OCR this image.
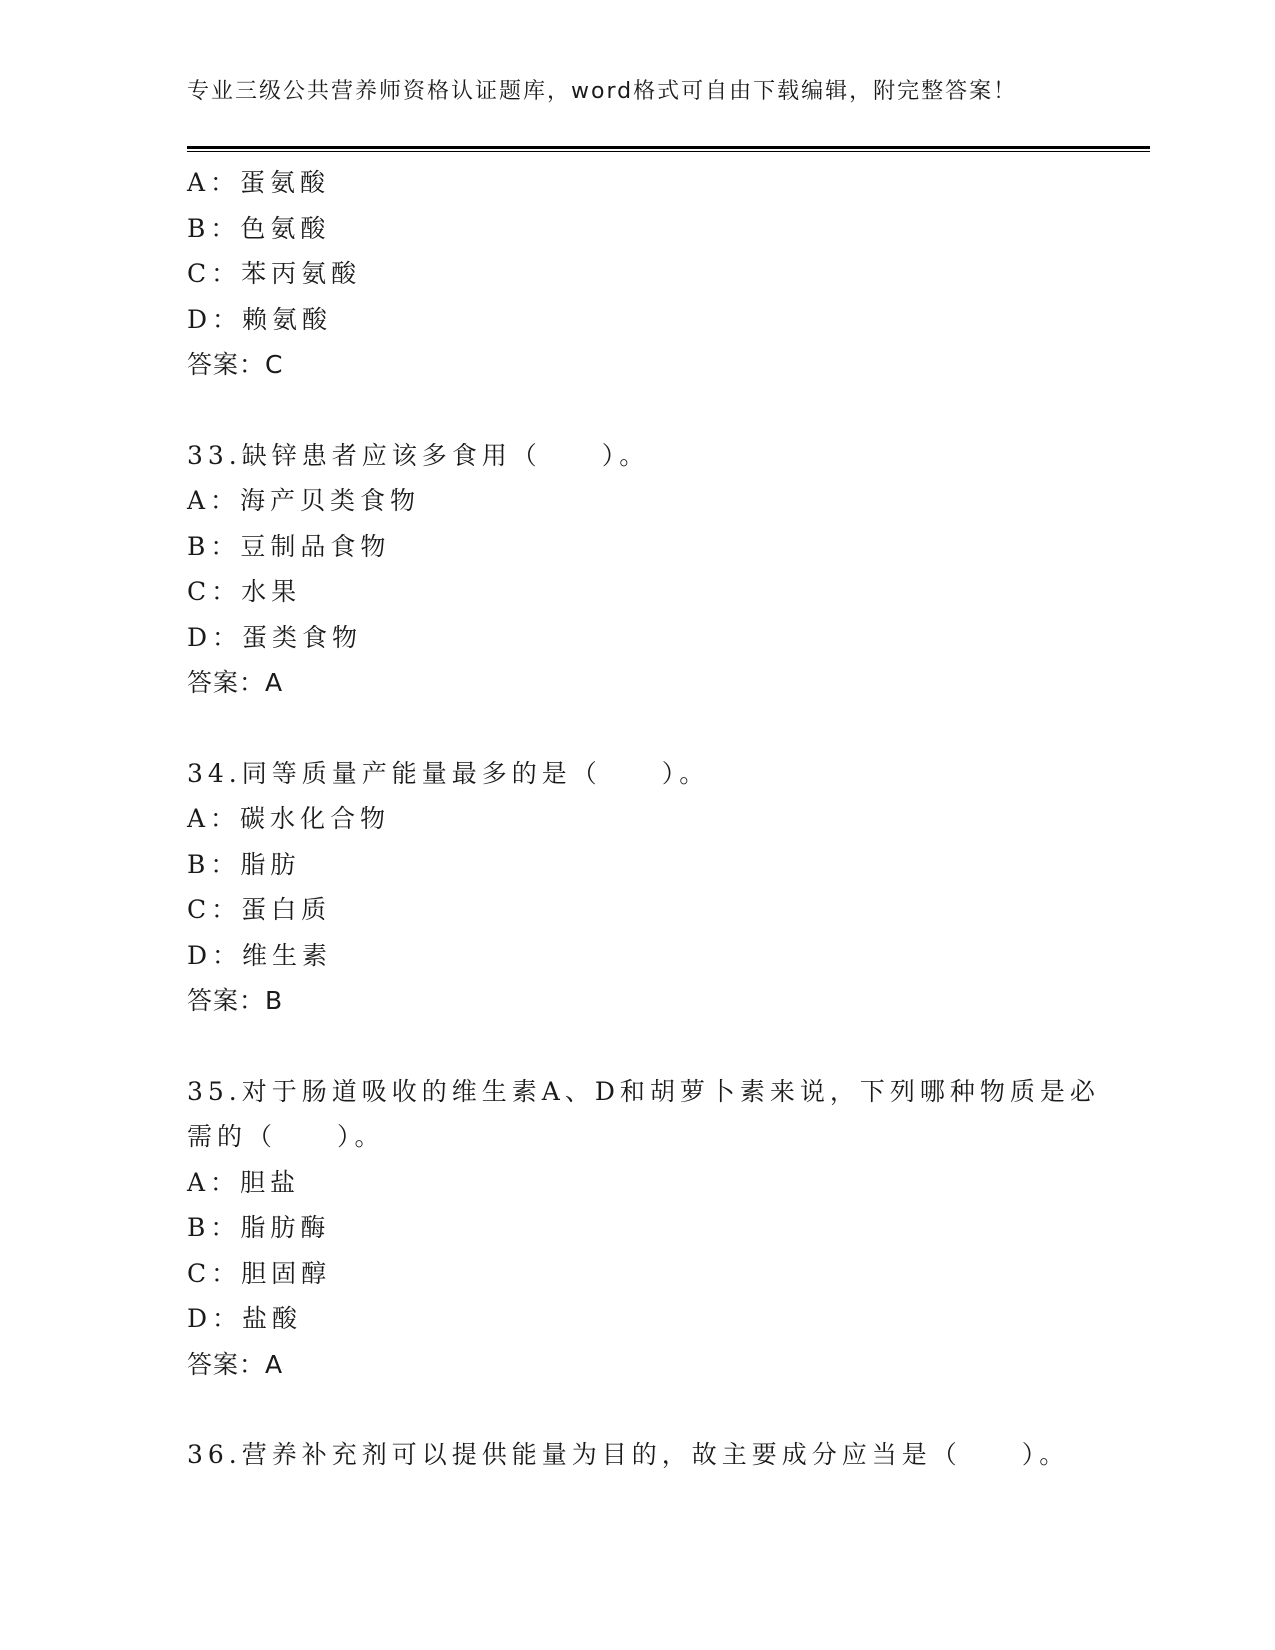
专业三级公共营养师资格认证题库，word格式可自由下载编辑，附完整答案！
A：蛋氨酸
B：色氨酸
C：苯丙氨酸
D：赖氨酸
答案：C
33.缺锌患者应该多食用（　　）。
A：海产贝类食物
B：豆制品食物
C：水果
D：蛋类食物
答案：A
34.同等质量产能量最多的是（　　）。
A：碳水化合物
B：脂肪
C：蛋白质
D：维生素
答案：B
35.对于肠道吸收的维生素A、D和胡萝卜素来说，下列哪种物质是必
需的（　　）。
A：胆盐
B：脂肪酶
C：胆固醇
D：盐酸
答案：A
36.营养补充剂可以提供能量为目的，故主要成分应当是（　　）。
